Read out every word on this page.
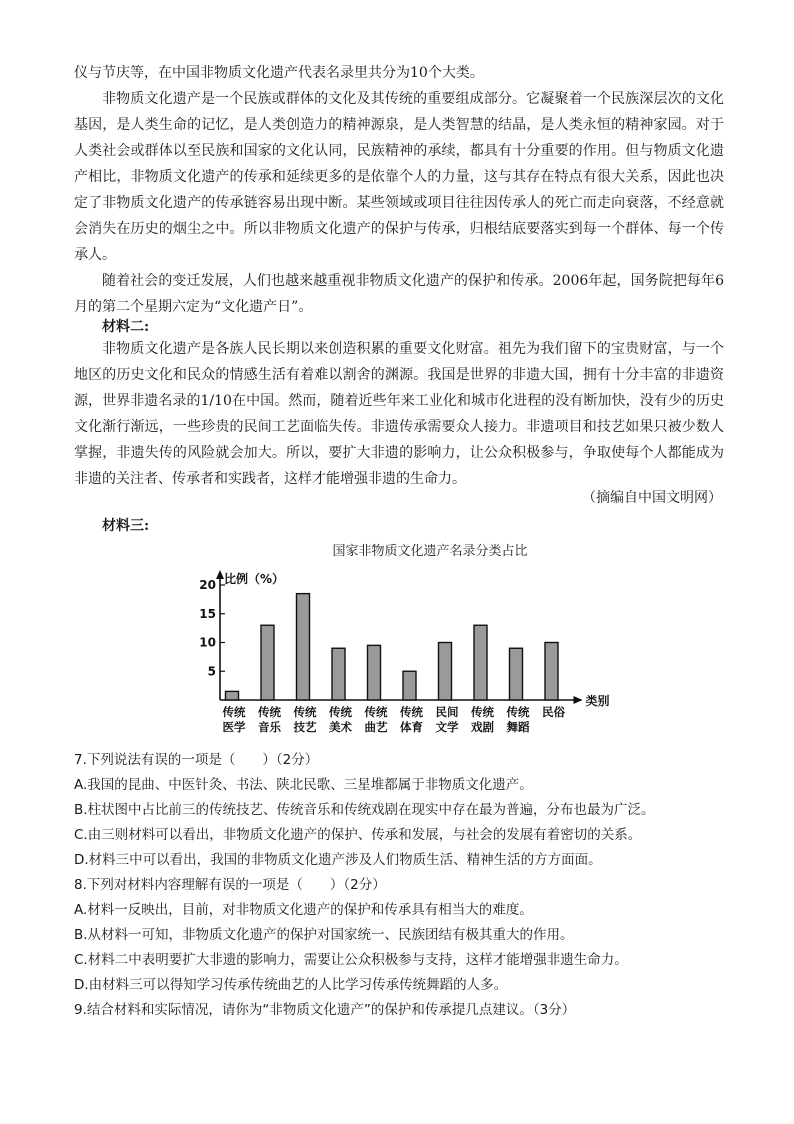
仪与节庆等，在中国非物质文化遗产代表名录里共分为10个大类。
非物质文化遗产是一个民族或群体的文化及其传统的重要组成部分。它凝聚着一个民族深层次的文化基因，是人类生命的记忆，是人类创造力的精神源泉，是人类智慧的结晶，是人类永恒的精神家园。对于人类社会或群体以至民族和国家的文化认同，民族精神的承续，都具有十分重要的作用。但与物质文化遗产相比，非物质文化遗产的传承和延续更多的是依靠个人的力量，这与其存在特点有很大关系，因此也决定了非物质文化遗产的传承链容易出现中断。某些领域或项目往往因传承人的死亡而走向衰落，不经意就会消失在历史的烟尘之中。所以非物质文化遗产的保护与传承，归根结底要落实到每一个群体、每一个传承人。
随着社会的变迁发展，人们也越来越重视非物质文化遗产的保护和传承。2006年起，国务院把每年6月的第二个星期六定为“文化遗产日”。
材料二:
非物质文化遗产是各族人民长期以来创造积累的重要文化财富。祖先为我们留下的宝贵财富，与一个地区的历史文化和民众的情感生活有着难以割舍的渊源。我国是世界的非遗大国，拥有十分丰富的非遗资源，世界非遗名录的1/10在中国。然而，随着近些年来工业化和城市化进程的没有断加快，没有少的历史文化渐行渐远，一些珍贵的民间工艺面临失传。非遗传承需要众人接力。非遗项目和技艺如果只被少数人掌握，非遗失传的风险就会加大。所以，要扩大非遗的影响力，让公众积极参与，争取使每个人都能成为非遗的关注者、传承者和实践者，这样才能增强非遗的生命力。
（摘编自中国文明网）
材料三:
国家非物质文化遗产名录分类占比
比例（%）
5
10
15
20
传统
医学
传统
音乐
传统
技艺
传统
美术
传统
曲艺
传统
体育
民间
文学
传统
戏剧
传统
舞蹈
民俗
类别
7.下列说法有误的一项是（　　）（2分）
A.我国的昆曲、中医针灸、书法、陕北民歌、三星堆都属于非物质文化遗产。
B.柱状图中占比前三的传统技艺、传统音乐和传统戏剧在现实中存在最为普遍，分布也最为广泛。
C.由三则材料可以看出，非物质文化遗产的保护、传承和发展，与社会的发展有着密切的关系。
D.材料三中可以看出，我国的非物质文化遗产涉及人们物质生活、精神生活的方方面面。
8.下列对材料内容理解有误的一项是（　　）（2分）
A.材料一反映出，目前，对非物质文化遗产的保护和传承具有相当大的难度。
B.从材料一可知，非物质文化遗产的保护对国家统一、民族团结有极其重大的作用。
C.材料二中表明要扩大非遗的影响力，需要让公众积极参与支持，这样才能增强非遗生命力。
D.由材料三可以得知学习传承传统曲艺的人比学习传承传统舞蹈的人多。
9.结合材料和实际情况，请你为“非物质文化遗产”的保护和传承提几点建议。（3分）
